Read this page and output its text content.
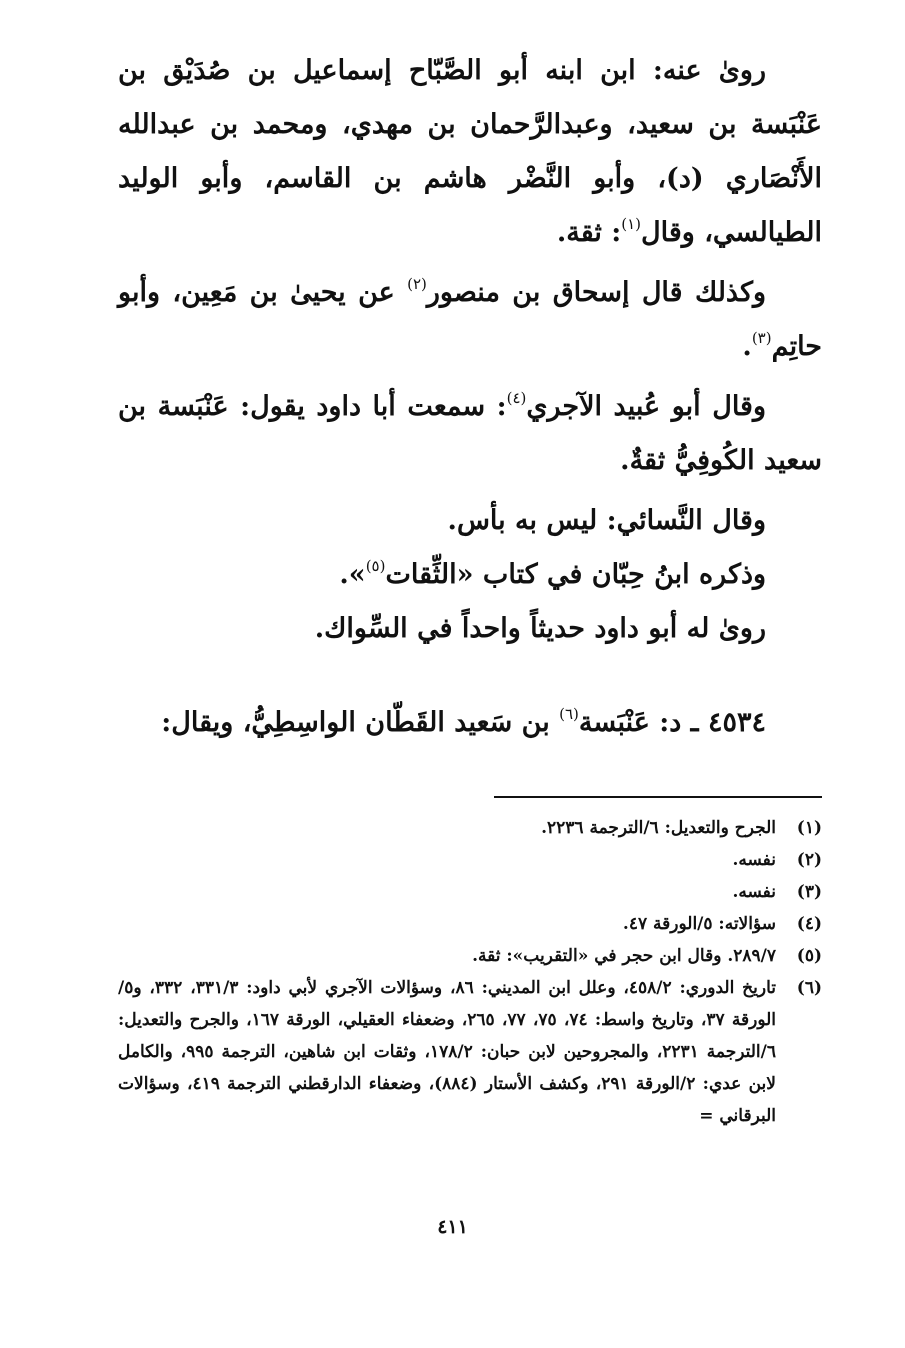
روىٰ عنه: ابن ابنه أبو الصَّبّاح إسماعيل بن صُدَيْق بن عَنْبَسة بن سعيد، وعبدالرَّحمان بن مهدي، ومحمد بن عبدالله الأَنْصَاري (د)، وأبو النَّضْر هاشم بن القاسم، وأبو الوليد الطيالسي، وقال$^{(١)}$: ثقة.

وكذلك قال إسحاق بن منصور$^{(٢)}$ عن يحيىٰ بن مَعِين، وأبو حاتِم$^{(٣)}$.

وقال أبو عُبيد الآجري$^{(٤)}$: سمعت أبا داود يقول: عَنْبَسة بن سعيد الكُوفِيُّ ثقةٌ.

وقال النَّسائي: ليس به بأس.

وذكره ابنُ حِبّان في كتاب «الثِّقات$^{(٥)}$».

روىٰ له أبو داود حديثاً واحداً في السِّواك.

٤٥٣٤ ـ د: عَنْبَسة$^{(٦)}$ بن سَعيد القَطّان الواسِطِيُّ، ويقال:

(١)
الجرح والتعديل: ٦/الترجمة ٢٢٣٦.
(٢)
نفسه.
(٣)
نفسه.
(٤)
سؤالاته: ٥/الورقة ٤٧.
(٥)
٢٨٩/٧. وقال ابن حجر في «التقريب»: ثقة.
(٦)
تاريخ الدوري: ٤٥٨/٢، وعلل ابن المديني: ٨٦، وسؤالات الآجري لأبي داود: ٣٣١/٣، ٣٣٢، و٥/الورقة ٣٧، وتاريخ واسط: ٧٤، ٧٥، ٧٧، ٢٦٥، وضعفاء العقيلي، الورقة ١٦٧، والجرح والتعديل: ٦/الترجمة ٢٢٣١، والمجروحين لابن حبان: ١٧٨/٢، وثقات ابن شاهين، الترجمة ٩٩٥، والكامل لابن عدي: ٢/الورقة ٢٩١، وكشف الأستار (٨٨٤)، وضعفاء الدارقطني الترجمة ٤١٩، وسؤالات البرقاني =
٤١١
